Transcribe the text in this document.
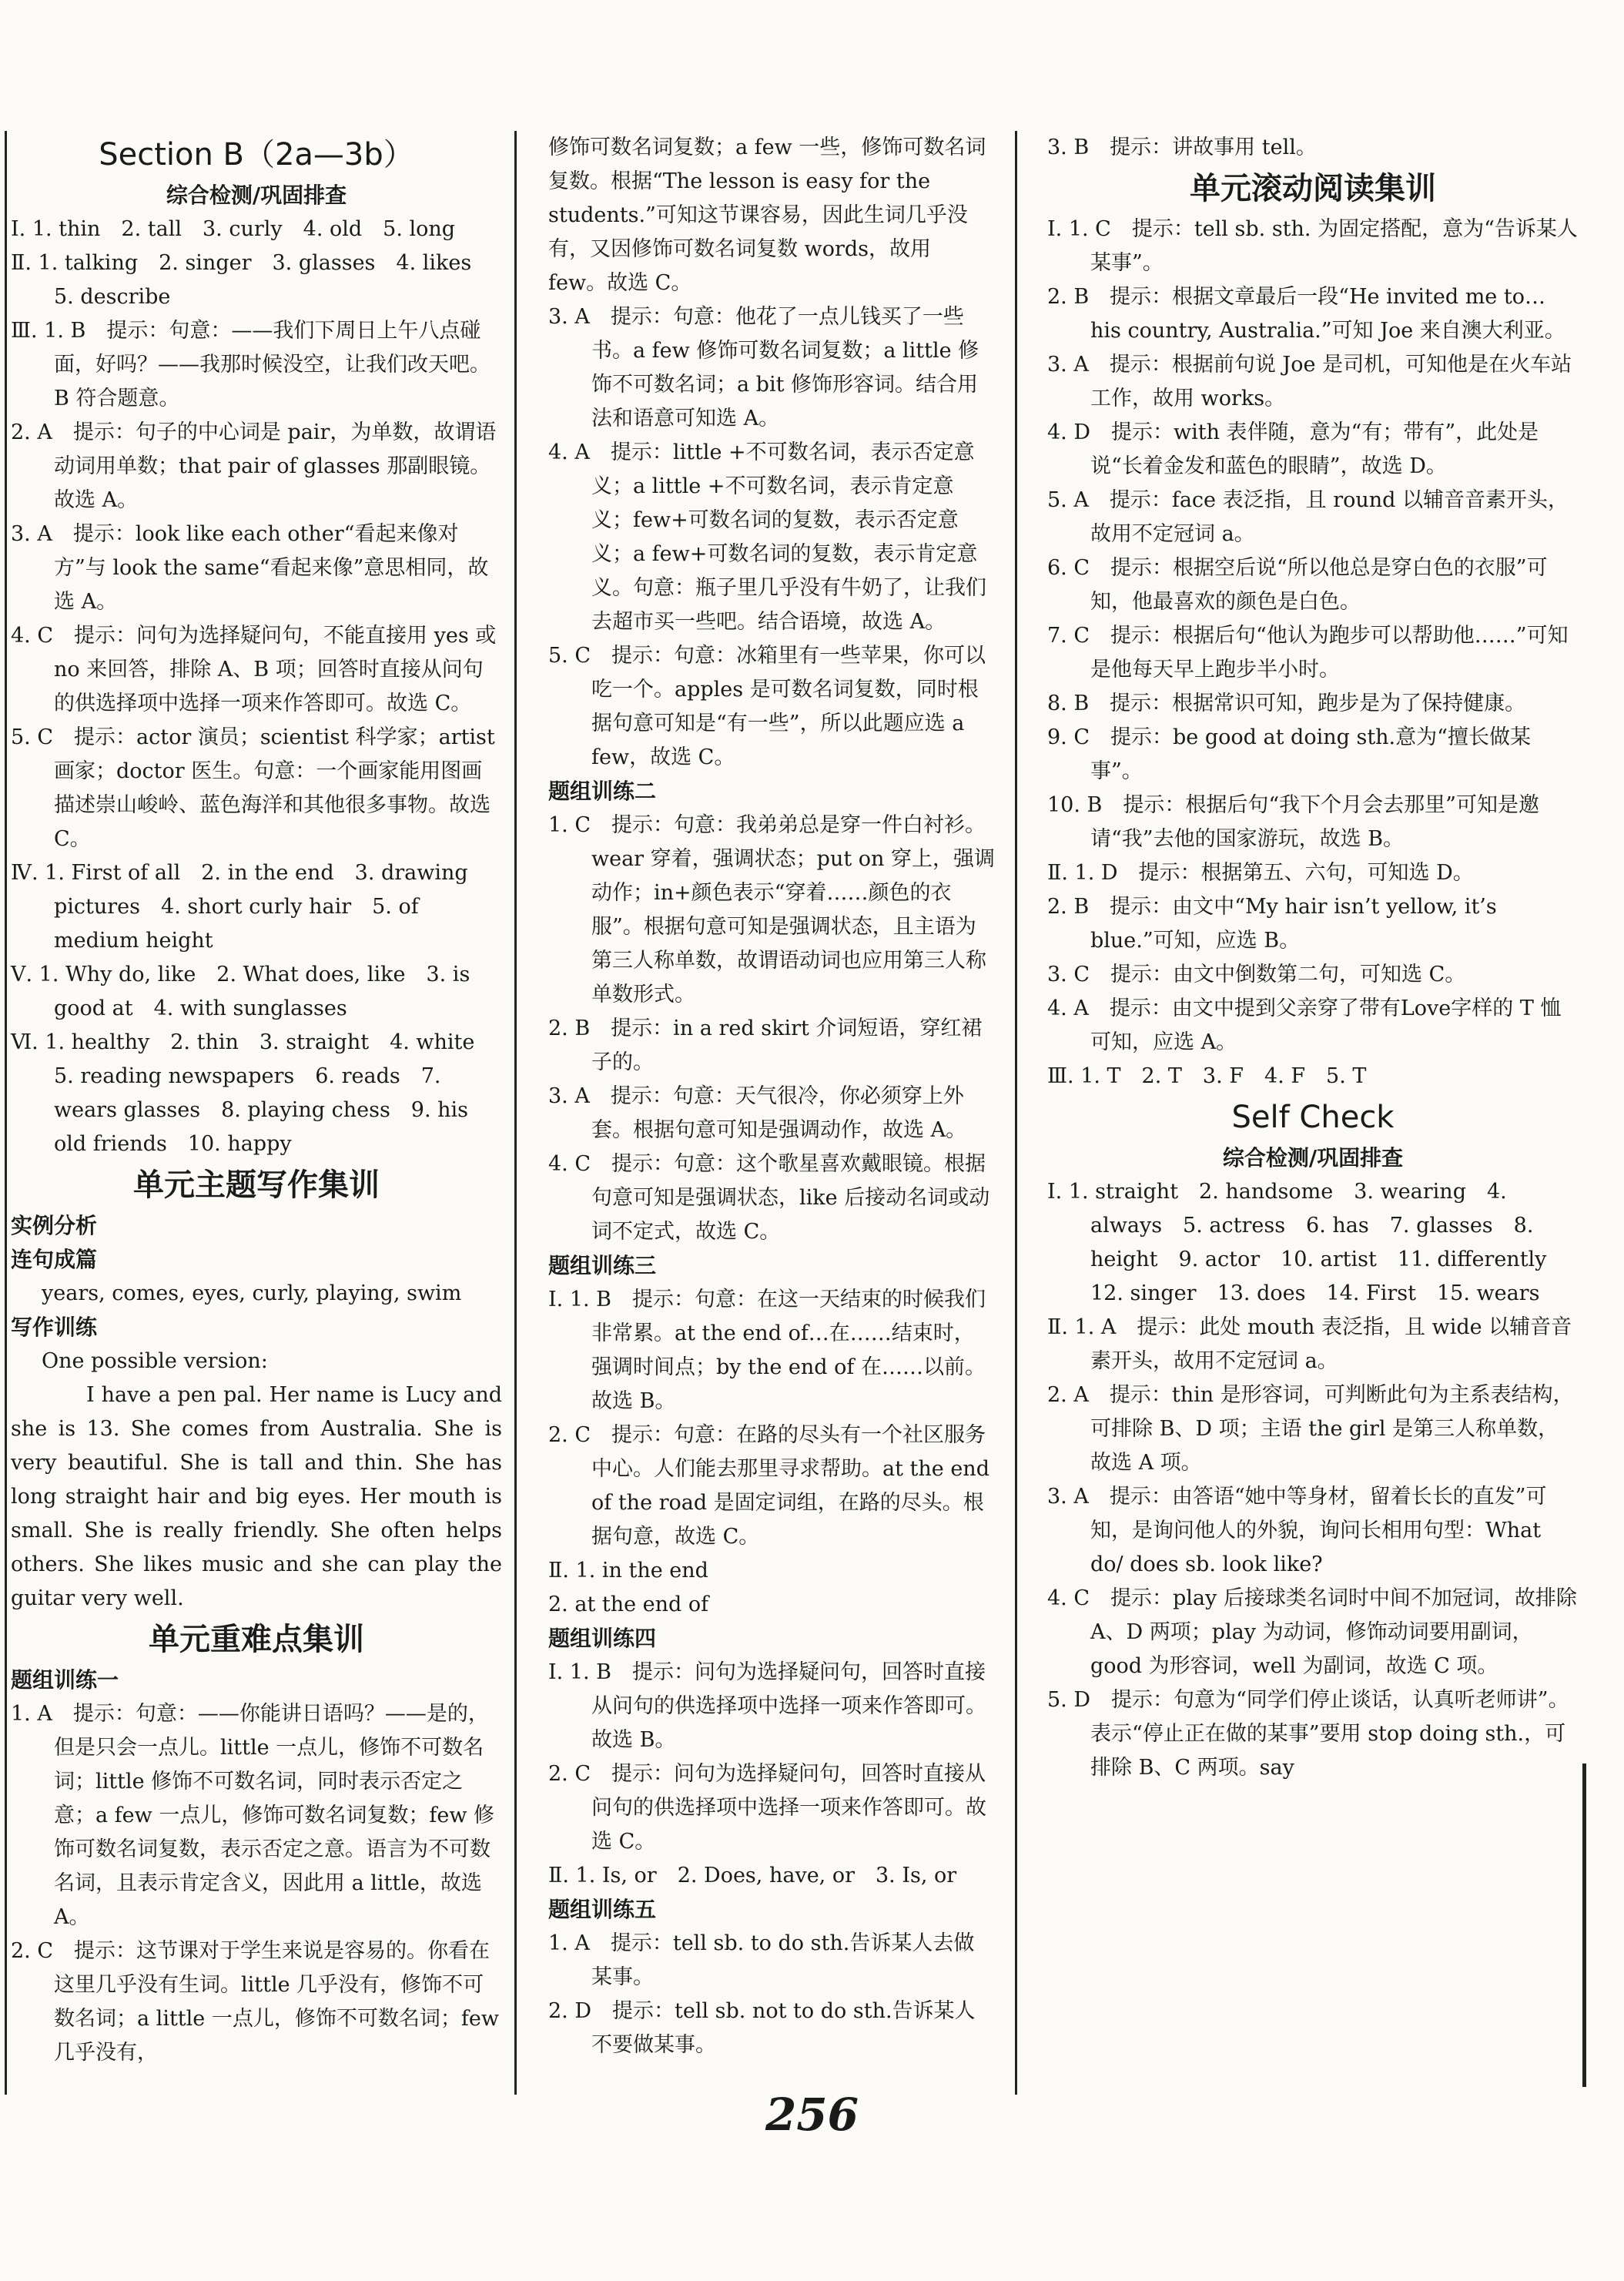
Section B（2a—3b）

综合检测/巩固排查

Ⅰ. 1. thin　2. tall　3. curly　4. old　5. long

Ⅱ. 1. talking　2. singer　3. glasses　4. likes　5. describe

Ⅲ. 1. B　提示：句意：——我们下周日上午八点碰面，好吗？——我那时候没空，让我们改天吧。B 符合题意。

2. A　提示：句子的中心词是 pair，为单数，故谓语动词用单数；that pair of glasses 那副眼镜。故选 A。

3. A　提示：look like each other“看起来像对方”与 look the same“看起来像”意思相同，故选 A。

4. C　提示：问句为选择疑问句，不能直接用 yes 或 no 来回答，排除 A、B 项；回答时直接从问句的供选择项中选择一项来作答即可。故选 C。

5. C　提示：actor 演员；scientist 科学家；artist 画家；doctor 医生。句意：一个画家能用图画描述崇山峻岭、蓝色海洋和其他很多事物。故选 C。

Ⅳ. 1. First of all　2. in the end　3. drawing pictures　4. short curly hair　5. of medium height

Ⅴ. 1. Why do, like　2. What does, like　3. is good at　4. with sunglasses

Ⅵ. 1. healthy　2. thin　3. straight　4. white　5. reading newspapers　6. reads　7. wears glasses　8. playing chess　9. his old friends　10. happy

单元主题写作集训

实例分析

连句成篇

years, comes, eyes, curly, playing, swim

写作训练

One possible version:

I have a pen pal. Her name is Lucy and she is 13. She comes from Australia. She is very beautiful. She is tall and thin. She has long straight hair and big eyes. Her mouth is small. She is really friendly. She often helps others. She likes music and she can play the guitar very well.

单元重难点集训

题组训练一

1. A　提示：句意：——你能讲日语吗？——是的，但是只会一点儿。little 一点儿，修饰不可数名词；little 修饰不可数名词，同时表示否定之意；a few 一点儿，修饰可数名词复数；few 修饰可数名词复数，表示否定之意。语言为不可数名词，且表示肯定含义，因此用 a little，故选 A。

2. C　提示：这节课对于学生来说是容易的。你看在这里几乎没有生词。little 几乎没有，修饰不可数名词；a little 一点儿，修饰不可数名词；few 几乎没有，

修饰可数名词复数；a few 一些，修饰可数名词复数。根据“The lesson is easy for the students.”可知这节课容易，因此生词几乎没有，又因修饰可数名词复数 words，故用 few。故选 C。

3. A　提示：句意：他花了一点儿钱买了一些书。a few 修饰可数名词复数；a little 修饰不可数名词；a bit 修饰形容词。结合用法和语意可知选 A。

4. A　提示：little +不可数名词，表示否定意义；a little +不可数名词，表示肯定意义；few+可数名词的复数，表示否定意义；a few+可数名词的复数，表示肯定意义。句意：瓶子里几乎没有牛奶了，让我们去超市买一些吧。结合语境，故选 A。

5. C　提示：句意：冰箱里有一些苹果，你可以吃一个。apples 是可数名词复数，同时根据句意可知是“有一些”，所以此题应选 a few，故选 C。

题组训练二

1. C　提示：句意：我弟弟总是穿一件白衬衫。wear 穿着，强调状态；put on 穿上，强调动作；in+颜色表示“穿着……颜色的衣服”。根据句意可知是强调状态，且主语为第三人称单数，故谓语动词也应用第三人称单数形式。

2. B　提示：in a red skirt 介词短语，穿红裙子的。

3. A　提示：句意：天气很冷，你必须穿上外套。根据句意可知是强调动作，故选 A。

4. C　提示：句意：这个歌星喜欢戴眼镜。根据句意可知是强调状态，like 后接动名词或动词不定式，故选 C。

题组训练三

Ⅰ. 1. B　提示：句意：在这一天结束的时候我们非常累。at the end of…在……结束时，强调时间点；by the end of 在……以前。故选 B。

2. C　提示：句意：在路的尽头有一个社区服务中心。人们能去那里寻求帮助。at the end of the road 是固定词组，在路的尽头。根据句意，故选 C。

Ⅱ. 1. in the end

2. at the end of

题组训练四

Ⅰ. 1. B　提示：问句为选择疑问句，回答时直接从问句的供选择项中选择一项来作答即可。故选 B。

2. C　提示：问句为选择疑问句，回答时直接从问句的供选择项中选择一项来作答即可。故选 C。

Ⅱ. 1. Is, or　2. Does, have, or　3. Is, or

题组训练五

1. A　提示：tell sb. to do sth.告诉某人去做某事。

2. D　提示：tell sb. not to do sth.告诉某人不要做某事。

3. B　提示：讲故事用 tell。

单元滚动阅读集训

Ⅰ. 1. C　提示：tell sb. sth. 为固定搭配，意为“告诉某人某事”。

2. B　提示：根据文章最后一段“He invited me to… his country, Australia.”可知 Joe 来自澳大利亚。

3. A　提示：根据前句说 Joe 是司机，可知他是在火车站工作，故用 works。

4. D　提示：with 表伴随，意为“有；带有”，此处是说“长着金发和蓝色的眼睛”，故选 D。

5. A　提示：face 表泛指，且 round 以辅音音素开头，故用不定冠词 a。

6. C　提示：根据空后说“所以他总是穿白色的衣服”可知，他最喜欢的颜色是白色。

7. C　提示：根据后句“他认为跑步可以帮助他……”可知是他每天早上跑步半小时。

8. B　提示：根据常识可知，跑步是为了保持健康。

9. C　提示：be good at doing sth.意为“擅长做某事”。

10. B　提示：根据后句“我下个月会去那里”可知是邀请“我”去他的国家游玩，故选 B。

Ⅱ. 1. D　提示：根据第五、六句，可知选 D。

2. B　提示：由文中“My hair isn’t yellow, it’s blue.”可知，应选 B。

3. C　提示：由文中倒数第二句，可知选 C。

4. A　提示：由文中提到父亲穿了带有Love字样的 T 恤可知，应选 A。

Ⅲ. 1. T　2. T　3. F　4. F　5. T

Self Check

综合检测/巩固排查

Ⅰ. 1. straight　2. handsome　3. wearing　4. always　5. actress　6. has　7. glasses　8. height　9. actor　10. artist　11. differently　12. singer　13. does　14. First　15. wears

Ⅱ. 1. A　提示：此处 mouth 表泛指，且 wide 以辅音音素开头，故用不定冠词 a。

2. A　提示：thin 是形容词，可判断此句为主系表结构，可排除 B、D 项；主语 the girl 是第三人称单数，故选 A 项。

3. A　提示：由答语“她中等身材，留着长长的直发”可知，是询问他人的外貌，询问长相用句型：What do/ does sb. look like?

4. C　提示：play 后接球类名词时中间不加冠词，故排除 A、D 两项；play 为动词，修饰动词要用副词，good 为形容词，well 为副词，故选 C 项。

5. D　提示：句意为“同学们停止谈话，认真听老师讲”。表示“停止正在做的某事”要用 stop doing sth.，可排除 B、C 两项。say

256
